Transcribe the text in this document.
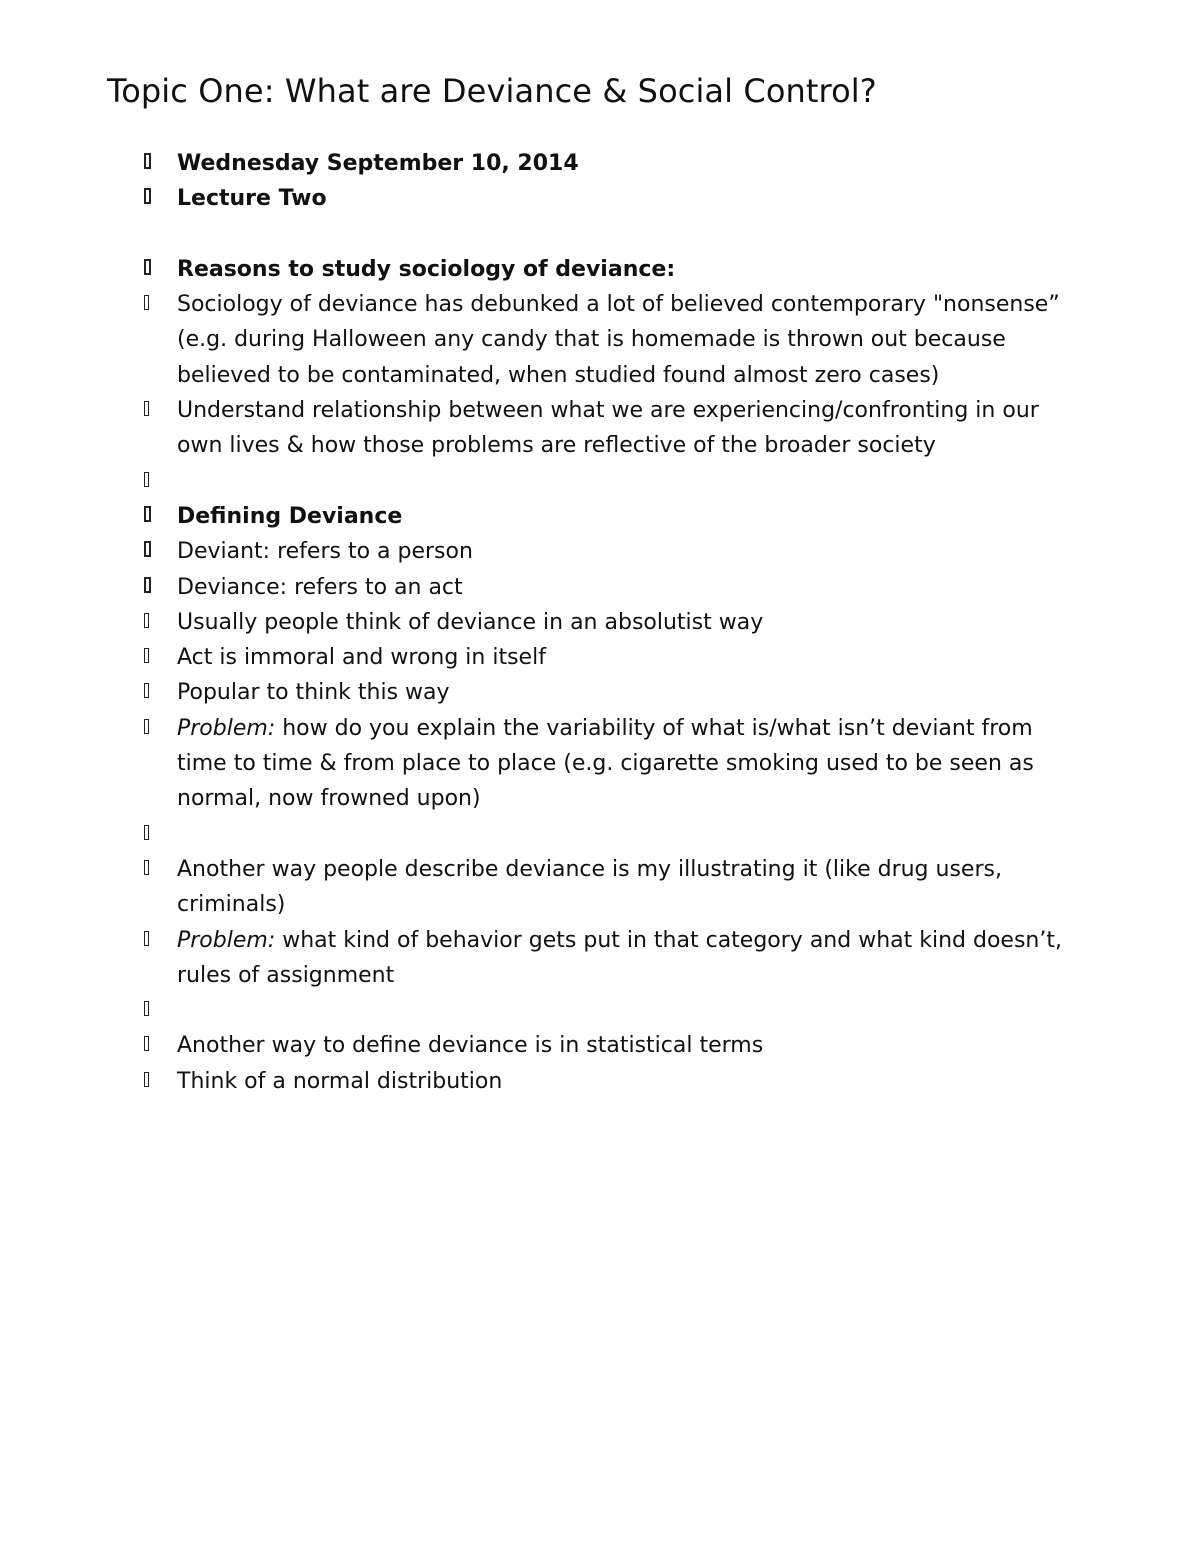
Topic One: What are Deviance & Social Control?
Wednesday September 10, 2014
Lecture Two
Reasons to study sociology of deviance:
Sociology of deviance has debunked a lot of believed contemporary "nonsense” (e.g. during Halloween any candy that is homemade is thrown out because believed to be contaminated, when studied found almost zero cases)
Understand relationship between what we are experiencing/confronting in our own lives & how those problems are reflective of the broader society
Defining Deviance
Deviant: refers to a person
Deviance: refers to an act
Usually people think of deviance in an absolutist way
Act is immoral and wrong in itself
Popular to think this way
Problem: how do you explain the variability of what is/what isn’t deviant from time to time & from place to place (e.g. cigarette smoking used to be seen as normal, now frowned upon)
Another way people describe deviance is my illustrating it (like drug users, criminals)
Problem: what kind of behavior gets put in that category and what kind doesn’t, rules of assignment
Another way to define deviance is in statistical terms
Think of a normal distribution
